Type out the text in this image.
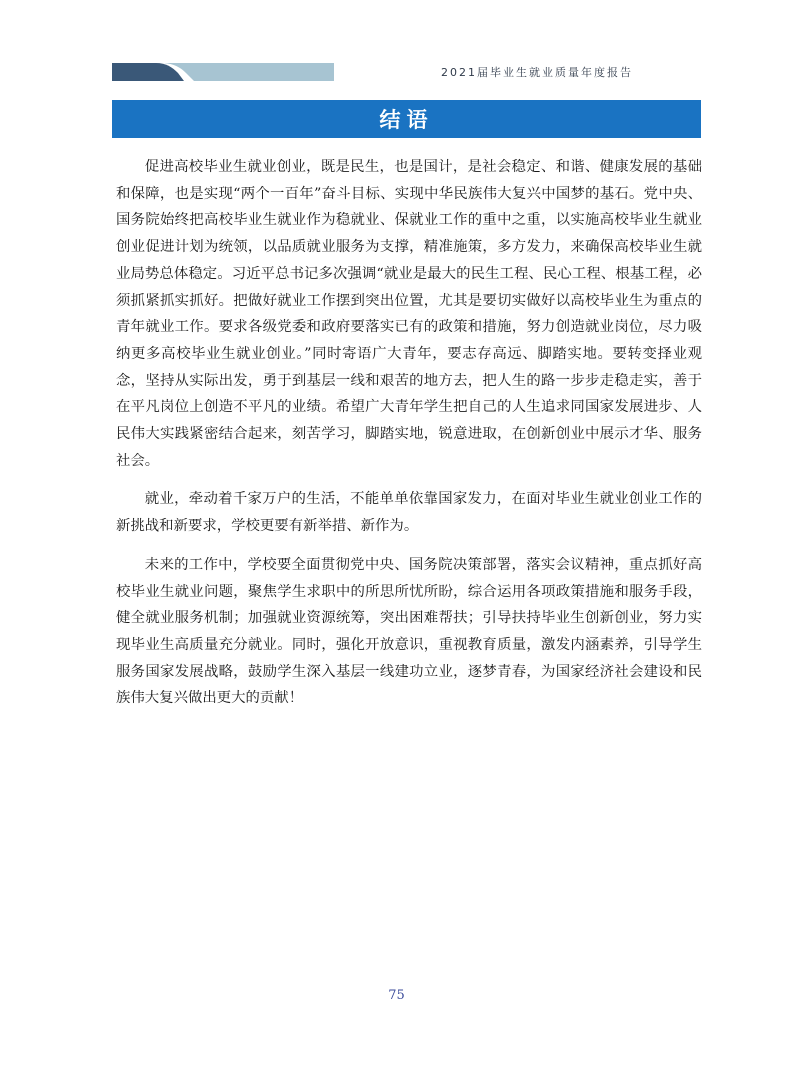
2021届毕业生就业质量年度报告
结语

促进高校毕业生就业创业，既是民生，也是国计，是社会稳定、和谐、健康发展的基础和保障，也是实现“两个一百年”奋斗目标、实现中华民族伟大复兴中国梦的基石。党中央、国务院始终把高校毕业生就业作为稳就业、保就业工作的重中之重，以实施高校毕业生就业创业促进计划为统领，以品质就业服务为支撑，精准施策，多方发力，来确保高校毕业生就业局势总体稳定。习近平总书记多次强调“就业是最大的民生工程、民心工程、根基工程，必须抓紧抓实抓好。把做好就业工作摆到突出位置，尤其是要切实做好以高校毕业生为重点的青年就业工作。要求各级党委和政府要落实已有的政策和措施，努力创造就业岗位，尽力吸纳更多高校毕业生就业创业。”同时寄语广大青年，要志存高远、脚踏实地。要转变择业观念，坚持从实际出发，勇于到基层一线和艰苦的地方去，把人生的路一步步走稳走实，善于在平凡岗位上创造不平凡的业绩。希望广大青年学生把自己的人生追求同国家发展进步、人民伟大实践紧密结合起来，刻苦学习，脚踏实地，锐意进取，在创新创业中展示才华、服务社会。

就业，牵动着千家万户的生活，不能单单依靠国家发力，在面对毕业生就业创业工作的新挑战和新要求，学校更要有新举措、新作为。

未来的工作中，学校要全面贯彻党中央、国务院决策部署，落实会议精神，重点抓好高校毕业生就业问题，聚焦学生求职中的所思所忧所盼，综合运用各项政策措施和服务手段，健全就业服务机制；加强就业资源统筹，突出困难帮扶；引导扶持毕业生创新创业，努力实现毕业生高质量充分就业。同时，强化开放意识，重视教育质量，激发内涵素养，引导学生服务国家发展战略，鼓励学生深入基层一线建功立业，逐梦青春，为国家经济社会建设和民族伟大复兴做出更大的贡献！

75
